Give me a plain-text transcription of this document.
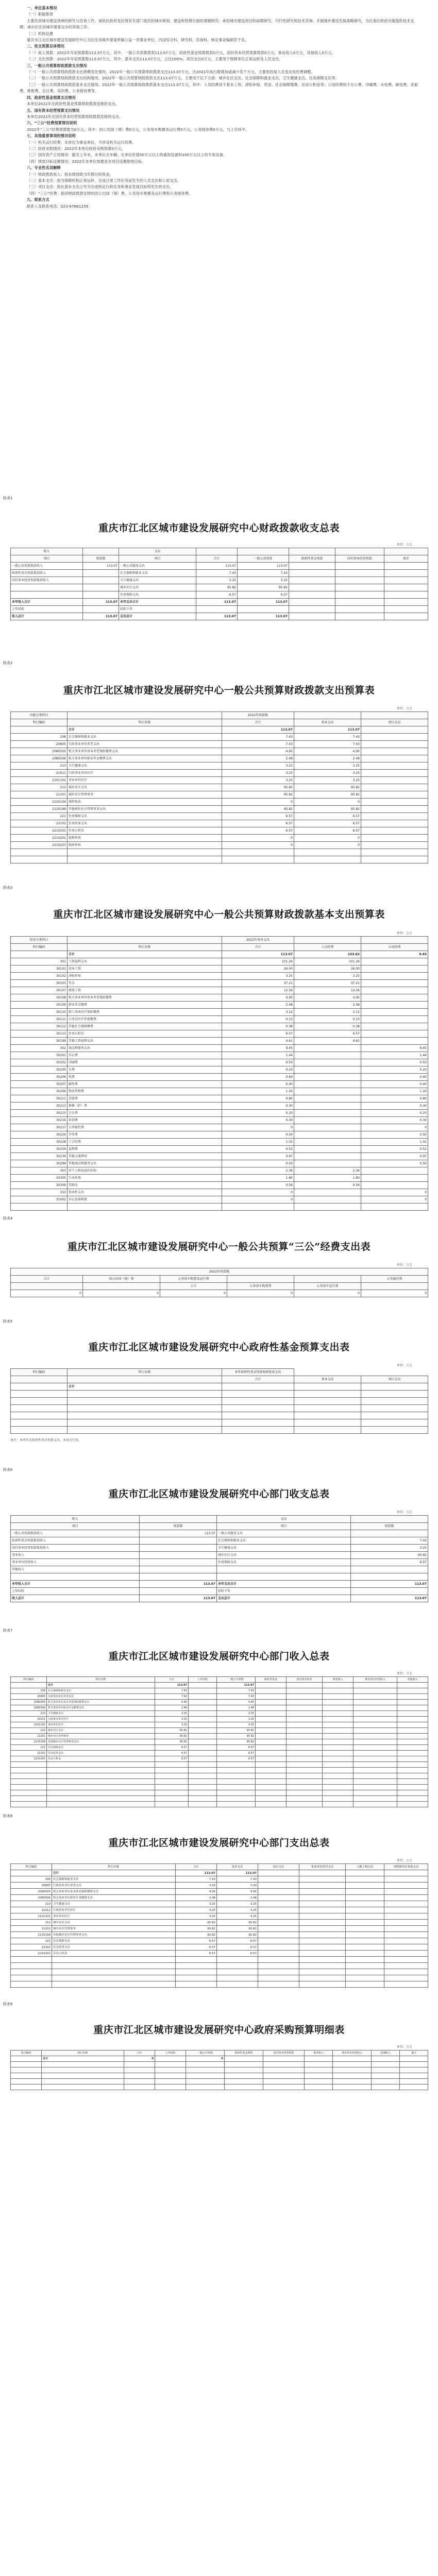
一、单位基本情况

（一）职能职责

主要负责城市建设领域的研究与咨询工作，承担区政府及区级有关部门委托的城市规划、建设和管理方面的课题研究；承担城市建设项目的前期研究、可行性研究和技术咨询；开展城乡建设发展战略研究，为区委区政府决策提供技术支撑；承办区住房城乡建委交办的其他工作。

（二）机构设置

重庆市江北区城市建设发展研究中心为区住房城乡建委所属公益一类事业单位，内设综合科、研究科、咨询科，核定事业编制若干名。

二、收支预算总体情况

（一）收入预算：2022年年初预算数113.07万元，其中，一般公共预算拨款113.07万元，政府性基金预算拨款0万元，国有资本经营预算拨款0万元，事业收入0万元，其他收入0万元。

（二）支出预算：2022年年初预算数113.07万元，其中，基本支出113.07万元，占比100%；项目支出0万元。主要用于保障单位正常运转及人员支出。

三、一般公共预算财政拨款支出情况

（一）一般公共预算财政拨款支出规模变化情况。2022年一般公共预算财政拨款支出113.07万元，比2021年执行数增加或减少若干万元，主要原因是人员变动及经费调整。

（二）一般公共预算财政拨款支出结构情况。2022年一般公共预算财政拨款支出113.07万元，主要用于以下方面：城乡社区支出、社会保障和就业支出、卫生健康支出、住房保障支出等。

（三）一般公共预算财政拨款基本支出情况。2022年一般公共预算财政拨款基本支出113.07万元，其中：人员经费用于基本工资、津贴补贴、奖金、社会保障缴费、住房公积金等；公用经费用于办公费、印刷费、水电费、邮电费、差旅费、维修费、会议费、培训费、公务接待费等。

四、政府性基金预算支出情况

本单位2022年无政府性基金预算财政拨款安排的支出。

五、国有资本经营预算支出情况

本单位2022年无国有资本经营预算财政拨款安排的支出。

六、“三公”经费预算情况说明

2022年“三公”经费预算数为0万元，其中：因公出国（境）费0万元，公务用车购置及运行费0万元，公务接待费0万元，与上年持平。

七、其他重要事项的情况说明

（一）机关运行经费：本单位为事业单位，不涉及机关运行经费。

（二）政府采购情况：2022年本单位政府采购预算0万元。

（三）国有资产占用情况：截至上年末，本单位无车辆，无单位价值50万元以上的通用设备和100万元以上的专用设备。

（四）绩效目标设置情况：2022年本单位按要求对项目设置绩效目标。

八、专业性名词解释

（一）财政拨款收入：指本级财政当年拨付的资金。

（二）基本支出：指为保障机构正常运转、完成日常工作任务而发生的人员支出和公用支出。

（三）项目支出：指在基本支出之外为完成特定行政任务和事业发展目标所发生的支出。

（四）“三公”经费：指用财政拨款安排的因公出国（境）费、公务用车购置及运行费和公务接待费。

九、联系方式

联系人及联系电话：023-67861259

附表1
重庆市江北区城市建设发展研究中心财政拨款收支总表
单位：万元
收入		支出					
项目	预算数	项目	合计	一般公共预算	政府性基金预算	国有资本经营预算	备注
一般公共预算拨款收入	113.07	一般公共服务支出	113.07	113.07			
政府性基金预算拨款收入		社会保障和就业支出	7.43	7.43			
国有资本经营预算拨款收入		卫生健康支出	3.25	3.25			
		城乡社区支出	95.82	95.82			
		住房保障支出	6.57	6.57			
本年收入合计	113.07	本年支出合计	113.07	113.07			
上年结转		结转下年					
收入总计	113.07	支出总计	113.07	113.07			
附表2
重庆市江北区城市建设发展研究中心一般公共预算财政拨款支出预算表
单位：万元
功能分类科目		2022年预算数		
科目编码	科目名称	合计	基本支出	项目支出
	合计	113.07	113.07	
208	社会保障和就业支出	7.43	7.43	
20805	行政事业单位养老支出	7.43	7.43	
2080505	机关事业单位基本养老保险缴费支出	4.95	4.95	
2080506	机关事业单位职业年金缴费支出	2.48	2.48	
210	卫生健康支出	3.25	3.25	
21011	行政事业单位医疗	3.25	3.25	
2101102	事业单位医疗	3.25	3.25	
212	城乡社区支出	95.82	95.82	
21201	城乡社区管理事务	95.82	95.82	
2120104	城管执法	0	0	
2120199	其他城乡社区管理事务支出	95.82	95.82	
221	住房保障支出	6.57	6.57	
22102	住房改革支出	6.57	6.57	
2210201	住房公积金	6.57	6.57	
2210202	提租补贴	0	0	
2210203	购房补贴	0	0	

附表3
重庆市江北区城市建设发展研究中心一般公共预算财政拨款基本支出预算表
单位：万元
经济分类科目		2022年基本支出		
科目编码	科目名称	合计	人员经费	公用经费
	合计	113.07	103.62	9.45
301	工资福利支出	101.26	101.26	
30101	基本工资	26.00	26.00	
30102	津贴补贴	3.25	3.25	
30103	奖金	37.21	37.21	
30107	绩效工资	12.56	12.56	
30108	机关事业单位基本养老保险缴费	4.95	4.95	
30109	职业年金缴费	2.48	2.48	
30110	职工基本医疗保险缴费	3.12	3.12	
30111	公务员医疗补助缴费	0.13	0.13	
30112	其他社会保障缴费	0.38	0.38	
30113	住房公积金	6.57	6.57	
30199	其他工资福利支出	4.61	4.61	
302	商品和服务支出	9.45		9.45
30201	办公费	1.44		1.44
30202	印刷费	0.50		0.50
30205	水费	0.20		0.20
30206	电费	0.60		0.60
30207	邮电费	0.40		0.40
30209	物业管理费	1.20		1.20
30211	差旅费	0.80		0.80
30213	维修（护）费	0.30		0.30
30215	会议费	0.20		0.20
30216	培训费	0.30		0.30
30217	公务接待费	0		0
30226	劳务费	0.50		0.50
30228	工会经费	1.02		1.02
30229	福利费	0.52		0.52
30239	其他交通费用	0.97		0.97
30299	其他商品和服务支出	0.50		0.50
303	对个人和家庭的补助	2.36	2.36	
30305	生活补助	1.80	1.80	
30309	奖励金	0.56	0.56	
310	资本性支出	0		0
31002	办公设备购置	0		0

附表4
重庆市江北区城市建设发展研究中心一般公共预算“三公”经费支出表
单位：万元
2022年预算数					
合计	因公出国（境）费	公务用车购置及运行费			公务接待费
		小计	公务用车购置费	公务用车运行费	
0	0	0	0	0	0
附表5
重庆市江北区城市建设发展研究中心政府性基金预算支出表
单位：万元
科目编码	科目名称	本年政府性基金预算财政拨款支出		
		合计	基本支出	项目支出
	合计			

备注：本单位无政府性基金预算支出，本表为空表。
附表6
重庆市江北区城市建设发展研究中心部门收支总表
单位：万元
收入		支出	
项目	预算数	项目	预算数
一般公共预算拨款收入	113.07	一般公共服务支出	
政府性基金预算拨款收入		社会保障和就业支出	7.43
国有资本经营预算拨款收入		卫生健康支出	3.25
事业收入		城乡社区支出	95.82
事业单位经营收入		住房保障支出	6.57
其他收入			

本年收入合计	113.07	本年支出合计	113.07
上年结转		结转下年	
收入总计	113.07	支出总计	113.07
附表7
重庆市江北区城市建设发展研究中心部门收入总表
单位：万元
科目编码	科目名称	合计	上年结转	一般公共预算	政府性基金	国有资本经营	事业收入	事业单位经营收入	其他收入
	合计	113.07		113.07					
208	社会保障和就业支出	7.43		7.43					
20805	行政事业单位养老支出	7.43		7.43					
2080505	机关事业单位基本养老保险缴费支出	4.95		4.95					
2080506	机关事业单位职业年金缴费支出	2.48		2.48					
210	卫生健康支出	3.25		3.25					
21011	行政事业单位医疗	3.25		3.25					
2101102	事业单位医疗	3.25		3.25					
212	城乡社区支出	95.82		95.82					
21201	城乡社区管理事务	95.82		95.82					
2120199	其他城乡社区管理事务支出	95.82		95.82					
221	住房保障支出	6.57		6.57					
22102	住房改革支出	6.57		6.57					
2210201	住房公积金	6.57		6.57					

附表8
重庆市江北区城市建设发展研究中心部门支出总表
单位：万元
科目编码	科目名称	合计	基本支出	项目支出	事业单位经营支出	上缴上级支出	对附属单位补助支出
	合计	113.07	113.07				
208	社会保障和就业支出	7.43	7.43				
20805	行政事业单位养老支出	7.43	7.43				
2080505	机关事业单位基本养老保险缴费支出	4.95	4.95				
2080506	机关事业单位职业年金缴费支出	2.48	2.48				
210	卫生健康支出	3.25	3.25				
21011	行政事业单位医疗	3.25	3.25				
2101102	事业单位医疗	3.25	3.25				
212	城乡社区支出	95.82	95.82				
21201	城乡社区管理事务	95.82	95.82				
2120199	其他城乡社区管理事务支出	95.82	95.82				
221	住房保障支出	6.57	6.57				
22102	住房改革支出	6.57	6.57				
2210201	住房公积金	6.57	6.57				

附表9
重庆市江北区城市建设发展研究中心政府采购预算明细表
单位：万元
项目编码	项目名称	合计	上年结转	一般公共预算	政府性基金预算	国有资本经营预算	事业收入	事业单位经营收入	其他收入	备注
	合计	0		0						
